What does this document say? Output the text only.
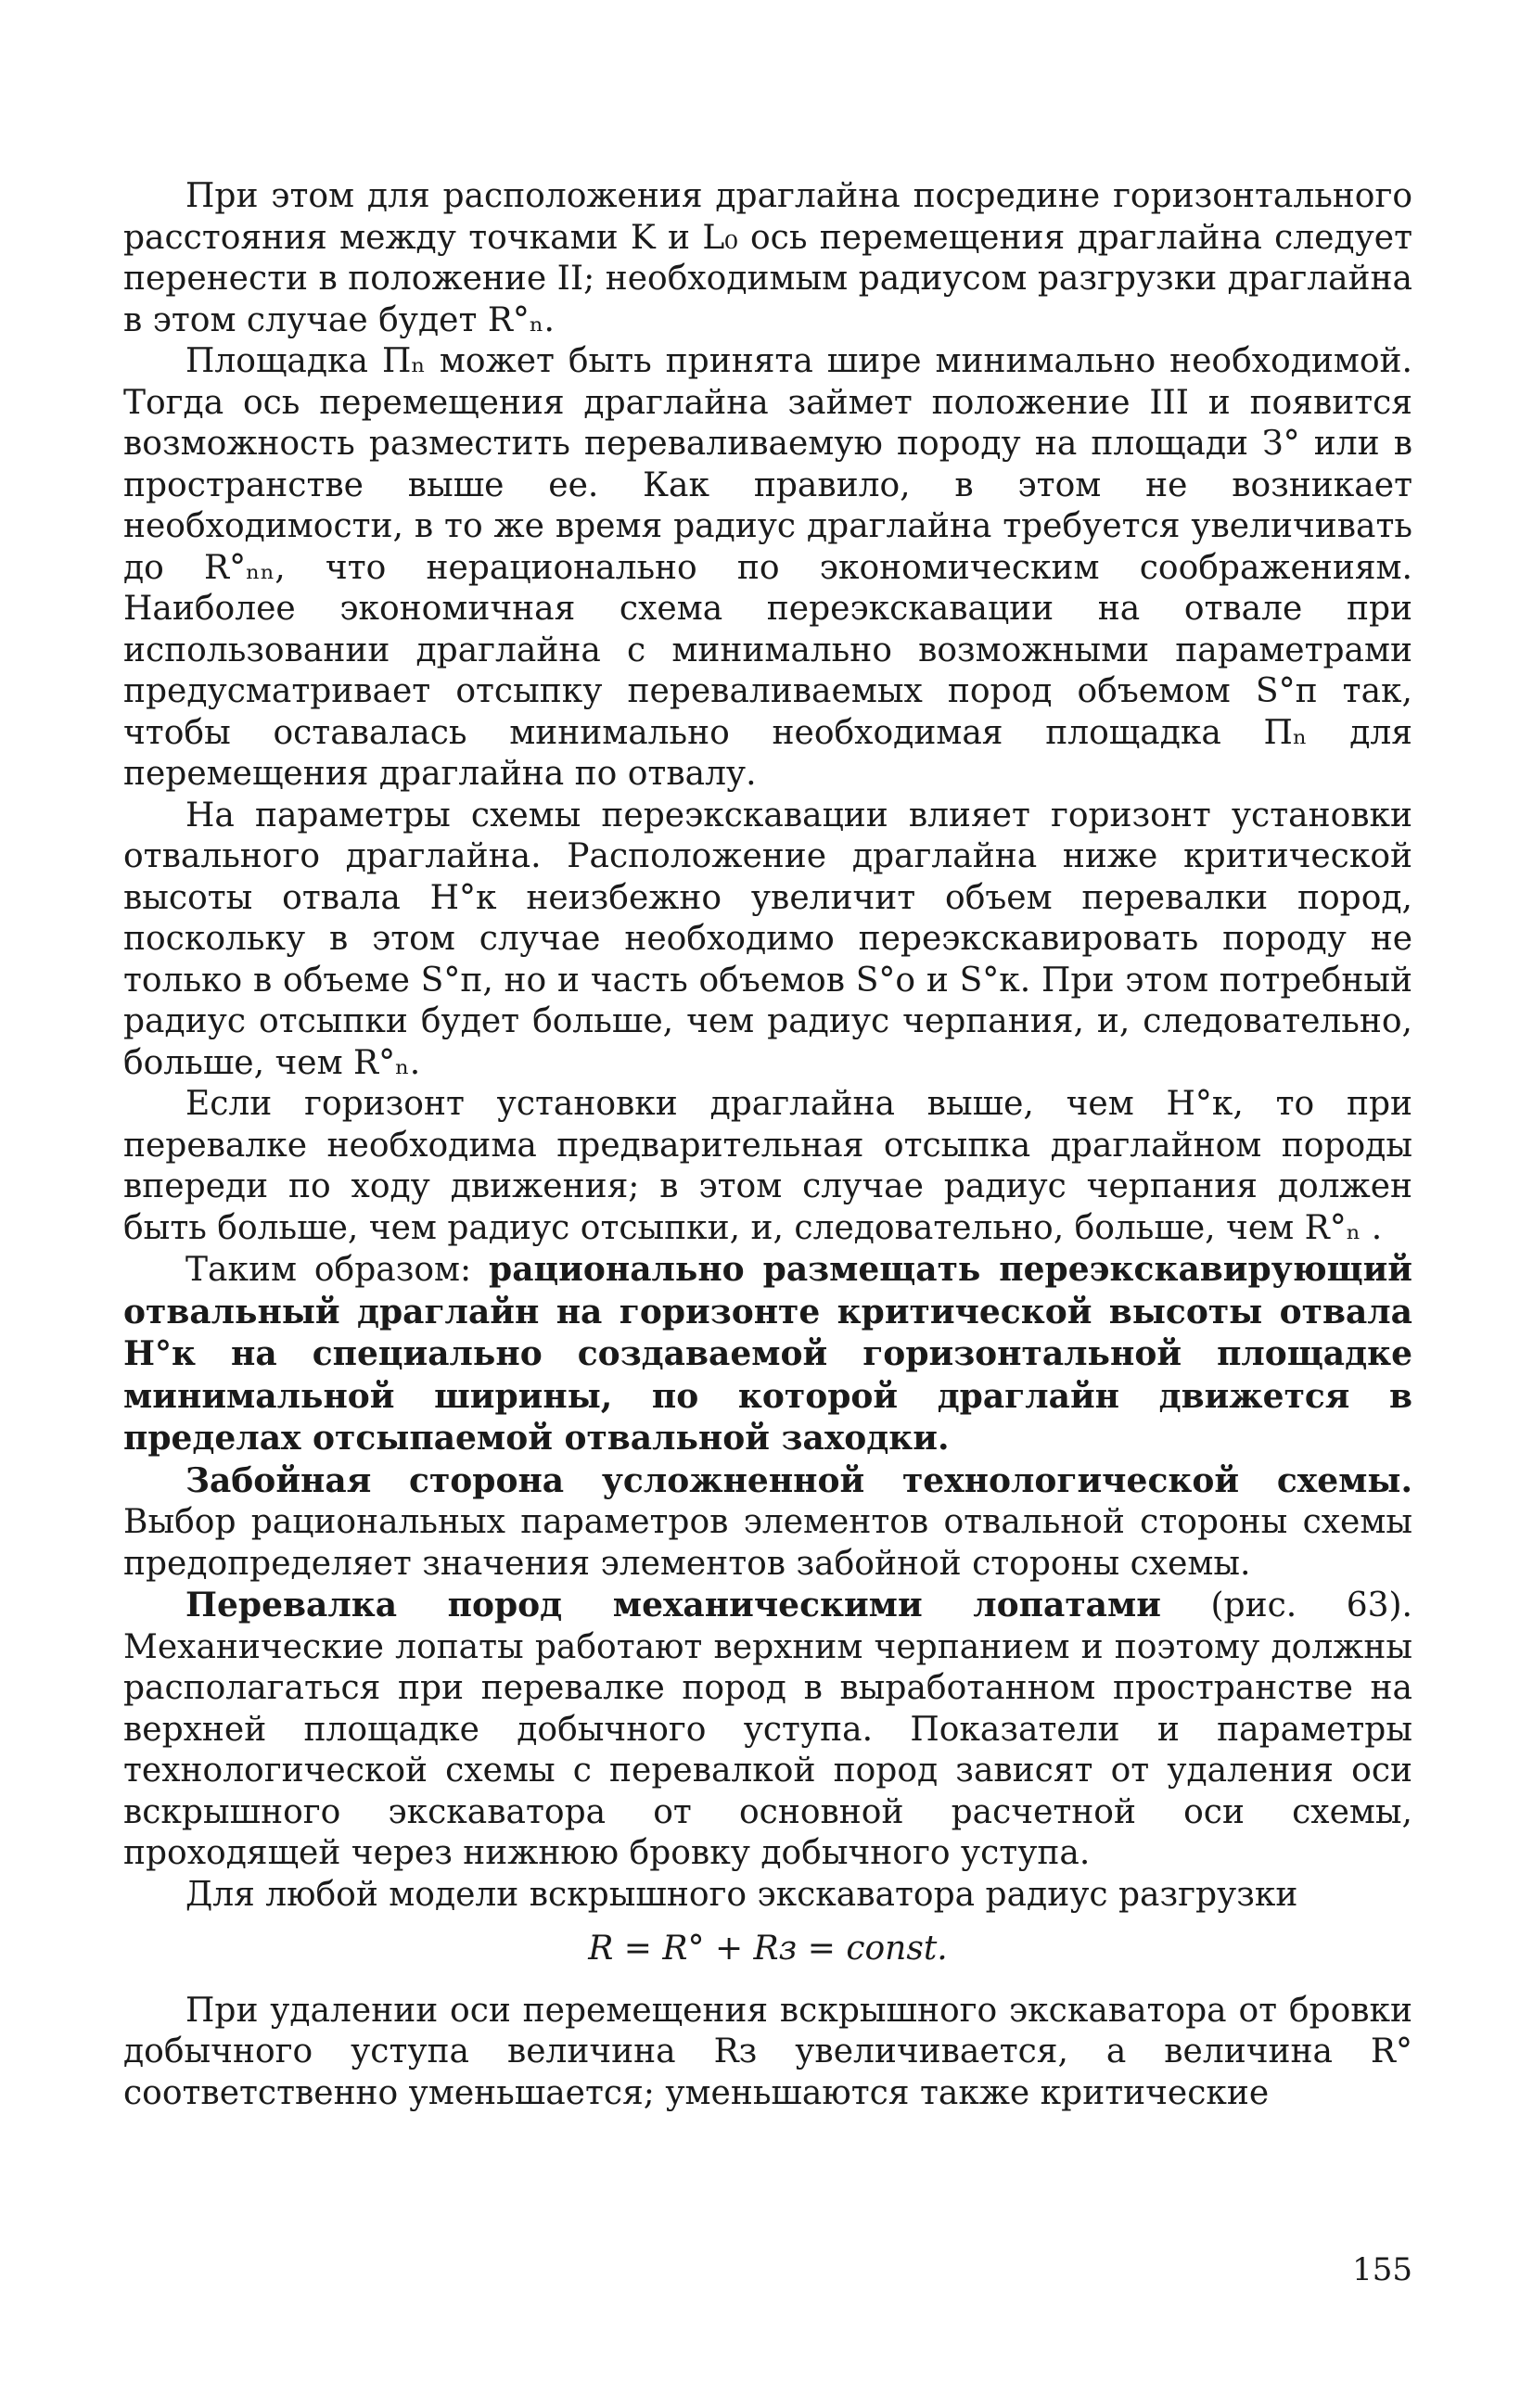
При этом для расположения драглайна посредине горизонтального расстояния между точками K и L₀ ось перемещения драглайна следует перенести в положение II; необходимым радиусом разгрузки драглайна в этом случае будет R°ₙ.

Площадка Пₙ может быть принята шире минимально необходимой. Тогда ось перемещения драглайна займет положение III и появится возможность разместить переваливаемую породу на площади З° или в пространстве выше ее. Как правило, в этом не возникает необходимости, в то же время радиус драглайна требуется увеличивать до R°ₙₙ, что нерационально по экономическим соображениям. Наиболее экономичная схема переэкскавации на отвале при использовании драглайна с минимально возможными параметрами предусматривает отсыпку переваливаемых пород объемом S°п так, чтобы оставалась минимально необходимая площадка Пₙ для перемещения драглайна по отвалу.

На параметры схемы переэкскавации влияет горизонт установки отвального драглайна. Расположение драглайна ниже критической высоты отвала H°к неизбежно увеличит объем перевалки пород, поскольку в этом случае необходимо переэкскавировать породу не только в объеме S°п, но и часть объемов S°о и S°к. При этом потребный радиус отсыпки будет больше, чем радиус черпания, и, следовательно, больше, чем R°ₙ.

Если горизонт установки драглайна выше, чем H°к, то при перевалке необходима предварительная отсыпка драглайном породы впереди по ходу движения; в этом случае радиус черпания должен быть больше, чем радиус отсыпки, и, следовательно, больше, чем R°ₙ .

Таким образом: рационально размещать переэкскавирующий отвальный драглайн на горизонте критической высоты отвала H°к на специально создаваемой горизонтальной площадке минимальной ширины, по которой драглайн движется в пределах отсыпаемой отвальной заходки.

Забойная сторона усложненной технологической схемы. Выбор рациональных параметров элементов отвальной стороны схемы предопределяет значения элементов забойной стороны схемы.

Перевалка пород механическими лопатами (рис. 63). Механические лопаты работают верхним черпанием и поэтому должны располагаться при перевалке пород в выработанном пространстве на верхней площадке добычного уступа. Показатели и параметры технологической схемы с перевалкой пород зависят от удаления оси вскрышного экскаватора от основной расчетной оси схемы, проходящей через нижнюю бровку добычного уступа.

Для любой модели вскрышного экскаватора радиус разгрузки

R = R° + Rз = const.

При удалении оси перемещения вскрышного экскаватора от бровки добычного уступа величина Rз увеличивается, а величина R° соответственно уменьшается; уменьшаются также критические

155
